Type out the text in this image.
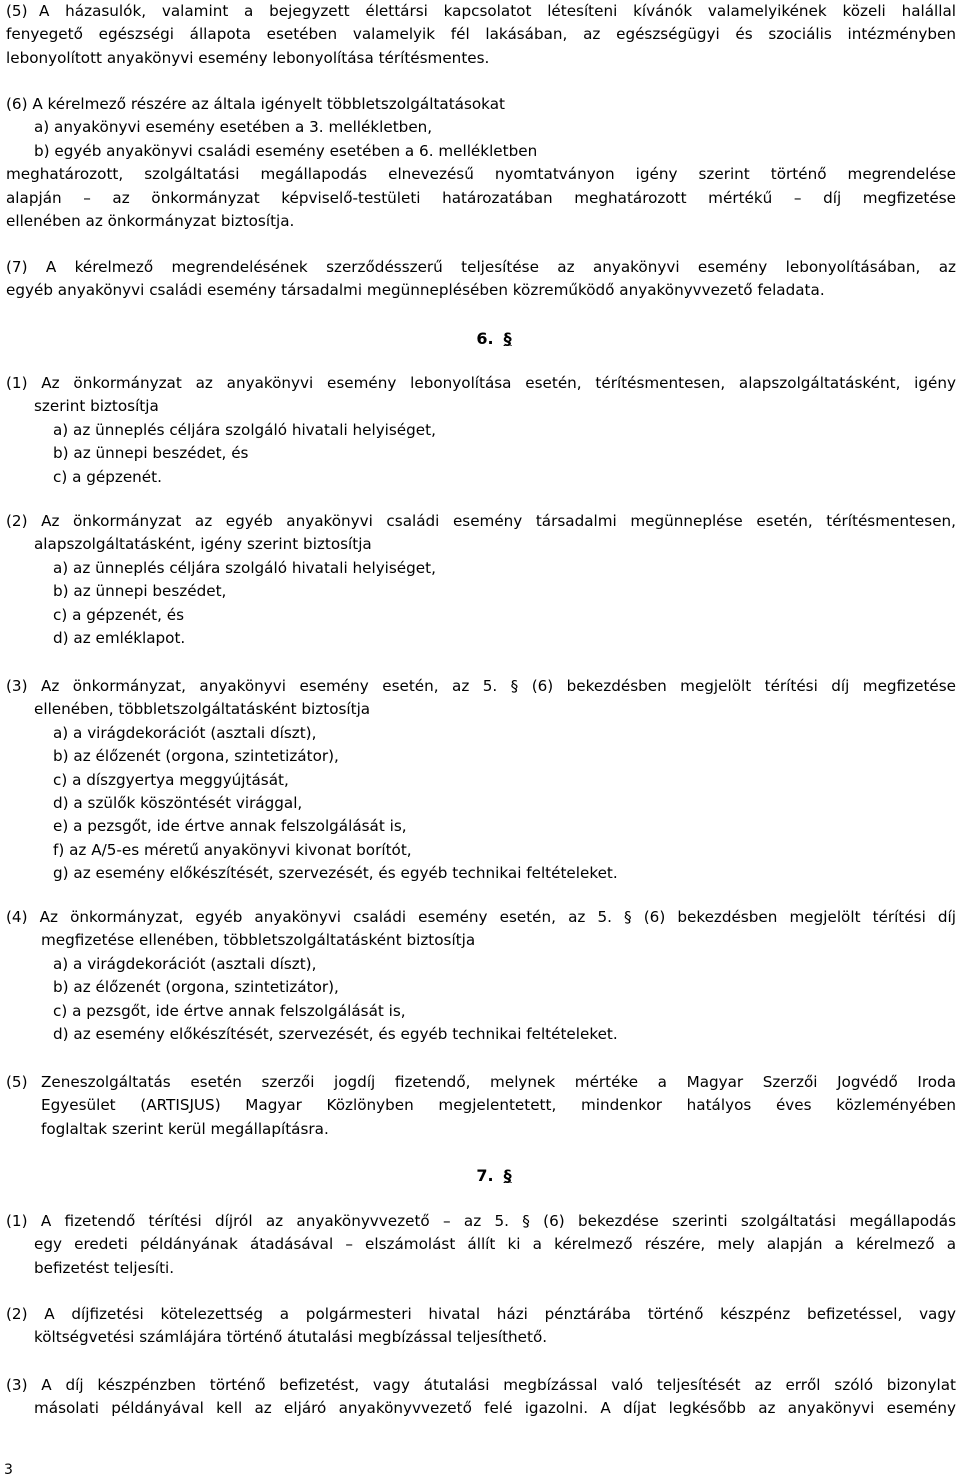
A házasulók, valamint a bejegyzett élettársi kapcsolatot létesíteni kívánók valamelyikének közeli halállal
(5)
fenyegető egészségi állapota esetében valamelyik fél lakásában, az egészségügyi és szociális intézményben
lebonyolított anyakönyvi esemény lebonyolítása térítésmentes.
(6) A kérelmező részére az általa igényelt többletszolgáltatásokat
a) anyakönyvi esemény esetében a 3. mellékletben,
b) egyéb anyakönyvi családi esemény esetében a 6. mellékletben
meghatározott, szolgáltatási megállapodás elnevezésű nyomtatványon igény szerint történő megrendelése
alapján – az önkormányzat képviselő-testületi határozatában meghatározott mértékű – díj megfizetése
ellenében az önkormányzat biztosítja.
(7) A kérelmező megrendelésének szerződésszerű teljesítése az anyakönyvi esemény lebonyolításában, az
egyéb anyakönyvi családi esemény társadalmi megünneplésében közreműködő anyakönyvvezető feladata.
6. §
(1) Az önkormányzat az anyakönyvi esemény lebonyolítása esetén, térítésmentesen, alapszolgáltatásként, igény
szerint biztosítja
a) az ünneplés céljára szolgáló hivatali helyiséget,
b) az ünnepi beszédet, és
c) a gépzenét.
(2) Az önkormányzat az egyéb anyakönyvi családi esemény társadalmi megünneplése esetén, térítésmentesen,
alapszolgáltatásként, igény szerint biztosítja
a) az ünneplés céljára szolgáló hivatali helyiséget,
b) az ünnepi beszédet,
c) a gépzenét, és
d) az emléklapot.
(3) Az önkormányzat, anyakönyvi esemény esetén, az 5. § (6) bekezdésben megjelölt térítési díj megfizetése
ellenében, többletszolgáltatásként biztosítja
a) a virágdekorációt (asztali díszt),
b) az élőzenét (orgona, szintetizátor),
c) a díszgyertya meggyújtását,
d) a szülők köszöntését virággal,
e) a pezsgőt, ide értve annak felszolgálását is,
f) az A/5-es méretű anyakönyvi kivonat borítót,
g) az esemény előkészítését, szervezését, és egyéb technikai feltételeket.
(4) Az önkormányzat, egyéb anyakönyvi családi esemény esetén, az 5. § (6) bekezdésben megjelölt térítési díj
megfizetése ellenében, többletszolgáltatásként biztosítja
a) a virágdekorációt (asztali díszt),
b) az élőzenét (orgona, szintetizátor),
c) a pezsgőt, ide értve annak felszolgálását is,
d) az esemény előkészítését, szervezését, és egyéb technikai feltételeket.
(5) Zeneszolgáltatás esetén szerzői jogdíj fizetendő, melynek mértéke a Magyar Szerzői Jogvédő Iroda
Egyesület (ARTISJUS) Magyar Közlönyben megjelentetett, mindenkor hatályos éves közleményében
foglaltak szerint kerül megállapításra.
7. §
(1) A fizetendő térítési díjról az anyakönyvvezető – az 5. § (6) bekezdése szerinti szolgáltatási megállapodás
egy eredeti példányának átadásával – elszámolást állít ki a kérelmező részére, mely alapján a kérelmező a
befizetést teljesíti.
(2) A díjfizetési kötelezettség a polgármesteri hivatal házi pénztárába történő készpénz befizetéssel, vagy
költségvetési számlájára történő átutalási megbízással teljesíthető.
(3) A díj készpénzben történő befizetést, vagy átutalási megbízással való teljesítését az erről szóló bizonylat
másolati példányával kell az eljáró anyakönyvvezető felé igazolni. A díjat legkésőbb az anyakönyvi esemény
3
